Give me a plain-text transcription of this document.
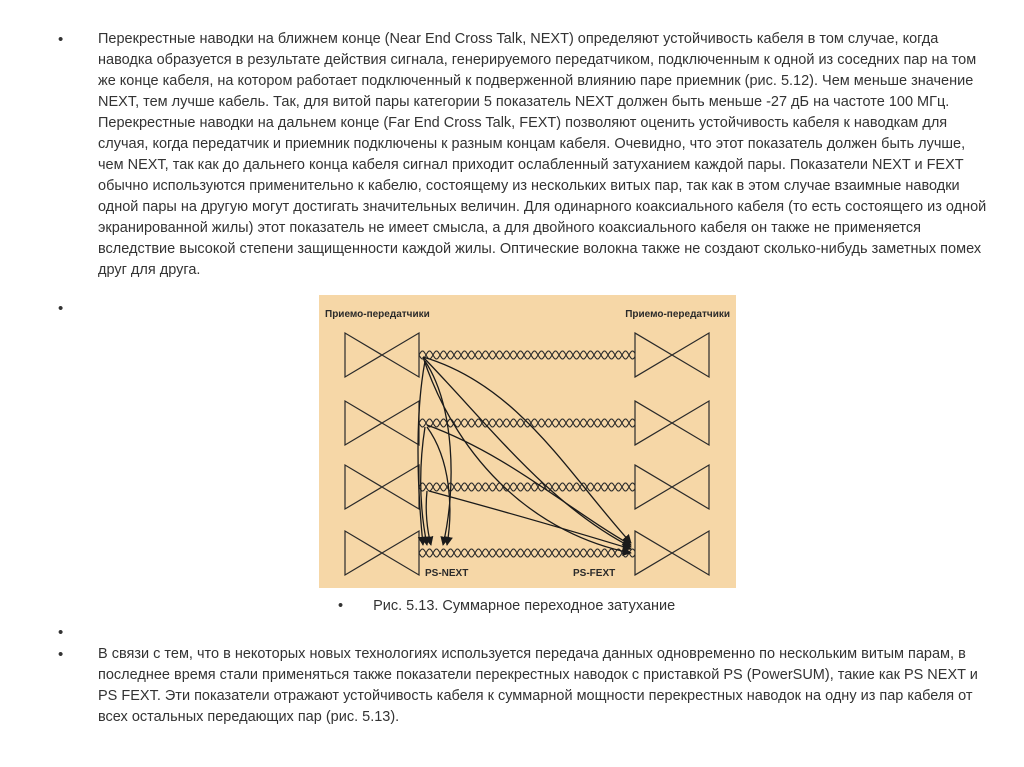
• Перекрестные наводки на ближнем конце (Near End Cross Talk, NEXT) определяют устойчивость кабеля в том случае, когда наводка образуется в результате действия сигнала, генерируемого передатчиком, подключенным к одной из соседних пар на том же конце кабеля, на котором работает подключенный к подверженной влиянию паре приемник (рис. 5.12). Чем меньше значение NEXT, тем лучше кабель. Так, для витой пары категории 5 показатель NEXT должен быть меньше -27 дБ на частоте 100 МГц. Перекрестные наводки на дальнем конце (Far End Cross Talk, FEXT) позволяют оценить устойчивость кабеля к наводкам для случая, когда передатчик и приемник подключены к разным концам кабеля. Очевидно, что этот показатель должен быть лучше, чем NEXT, так как до дальнего конца кабеля сигнал приходит ослабленный затуханием каждой пары. Показатели NEXT и FEXT обычно используются применительно к кабелю, состоящему из нескольких витых пар, так как в этом случае взаимные наводки одной пары на другую могут достигать значительных величин. Для одинарного коаксиального кабеля (то есть состоящего из одной экранированной жилы) этот показатель не имеет смысла, а для двойного коаксиального кабеля он также не применяется вследствие высокой степени защищенности каждой жилы. Оптические волокна также не создают сколько-нибудь заметных помех друг для друга.

•	Приемо-передатчики	Приемо-передатчики
PS-NEXT	PS-FEXT
• Рис. 5.13. Суммарное переходное затухание
•
• В связи с тем, что в некоторых новых технологиях используется передача данных одновременно по нескольким витым парам, в последнее время стали применяться также показатели перекрестных наводок с приставкой PS (PowerSUM), такие как PS NEXT и PS FEXT. Эти показатели отражают устойчивость кабеля к суммарной мощности перекрестных наводок на одну из пар кабеля от всех остальных передающих пар (рис. 5.13).
